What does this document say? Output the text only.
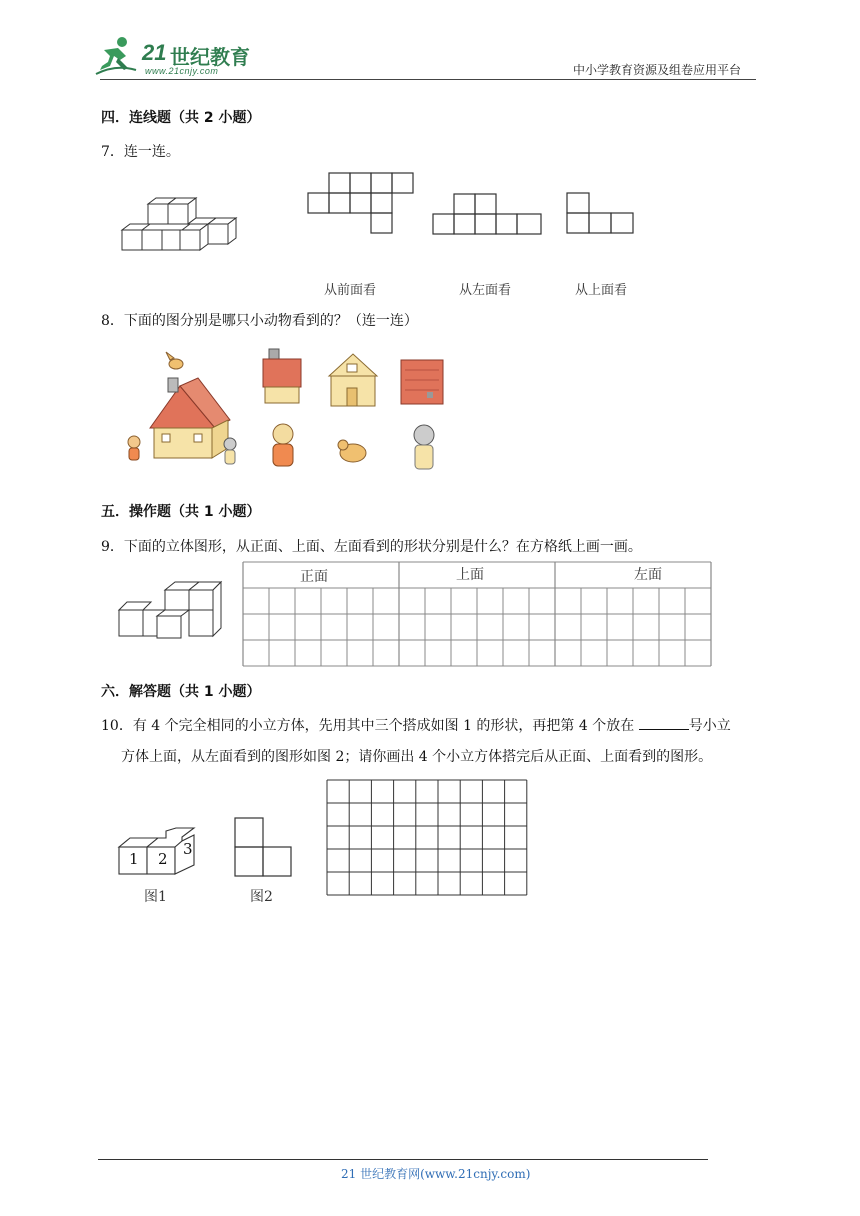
21 世纪教育
www.21cnjy.com	中小学教育资源及组卷应用平台
四．连线题（共 2 小题）
7．连一连。
从前面看	从左面看	从上面看
8．下面的图分别是哪只小动物看到的？（连一连）
五．操作题（共 1 小题）
9．下面的立体图形，从正面、上面、左面看到的形状分别是什么？在方格纸上画一画。
正面	上面	左面
六．解答题（共 1 小题）
10．有 4 个完全相同的小立方体，先用其中三个搭成如图 1 的形状，再把第 4 个放在	号小立
方体上面，从左面看到的图形如图 2；请你画出 4 个小立方体搭完后从正面、上面看到的图形。
1 2
3
图1	图2
21 世纪教育网(www.21cnjy.com)
